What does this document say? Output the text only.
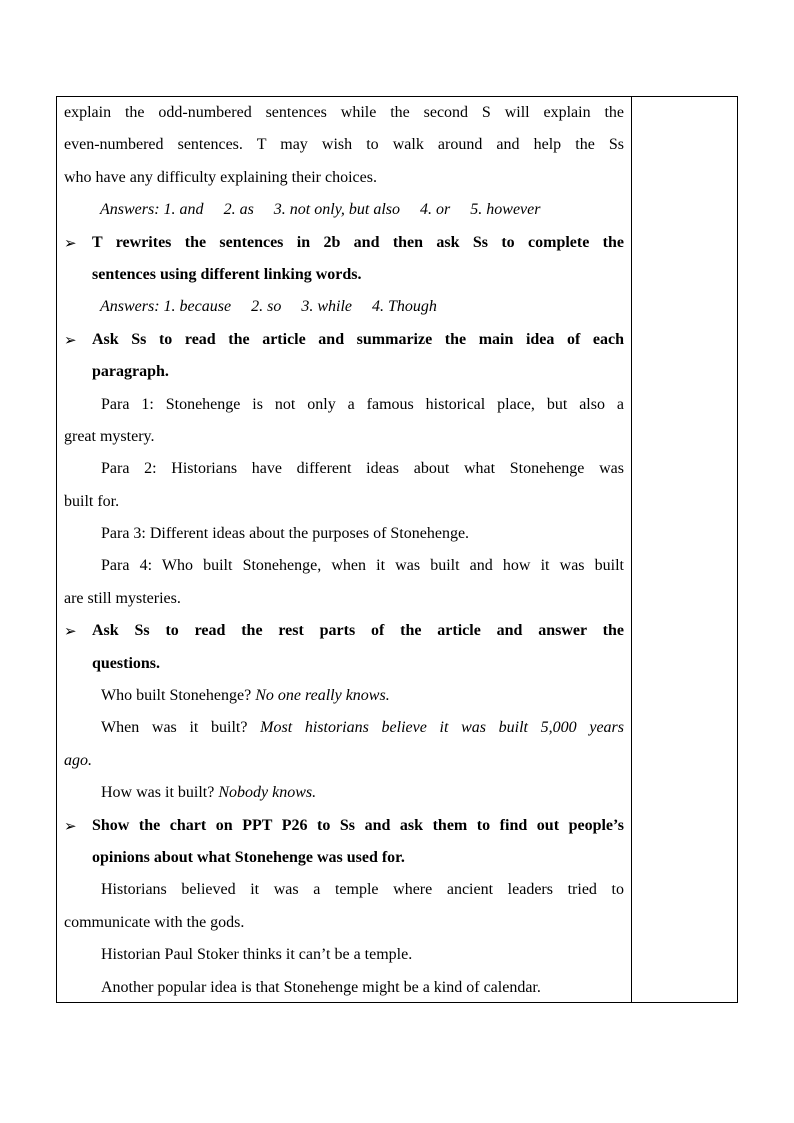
explain the odd-numbered sentences while the second S will explain the
even-numbered sentences. T may wish to walk around and help the Ss
who have any difficulty explaining their choices.
Answers: 1. and 2. as 3. not only, but also 4. or 5. however
➢ T rewrites the sentences in 2b and then ask Ss to complete the
sentences using different linking words.
Answers: 1. because 2. so 3. while 4. Though
➢ Ask Ss to read the article and summarize the main idea of each
paragraph.
Para 1: Stonehenge is not only a famous historical place, but also a
great mystery.
Para 2: Historians have different ideas about what Stonehenge was
built for.
Para 3: Different ideas about the purposes of Stonehenge.
Para 4: Who built Stonehenge, when it was built and how it was built
are still mysteries.
➢ Ask Ss to read the rest parts of the article and answer the
questions.
Who built Stonehenge? No one really knows.
When was it built? Most historians believe it was built 5,000 years
ago.
How was it built? Nobody knows.
➢ Show the chart on PPT P26 to Ss and ask them to find out people’s
opinions about what Stonehenge was used for.
Historians believed it was a temple where ancient leaders tried to
communicate with the gods.
Historian Paul Stoker thinks it can’t be a temple.
Another popular idea is that Stonehenge might be a kind of calendar.
